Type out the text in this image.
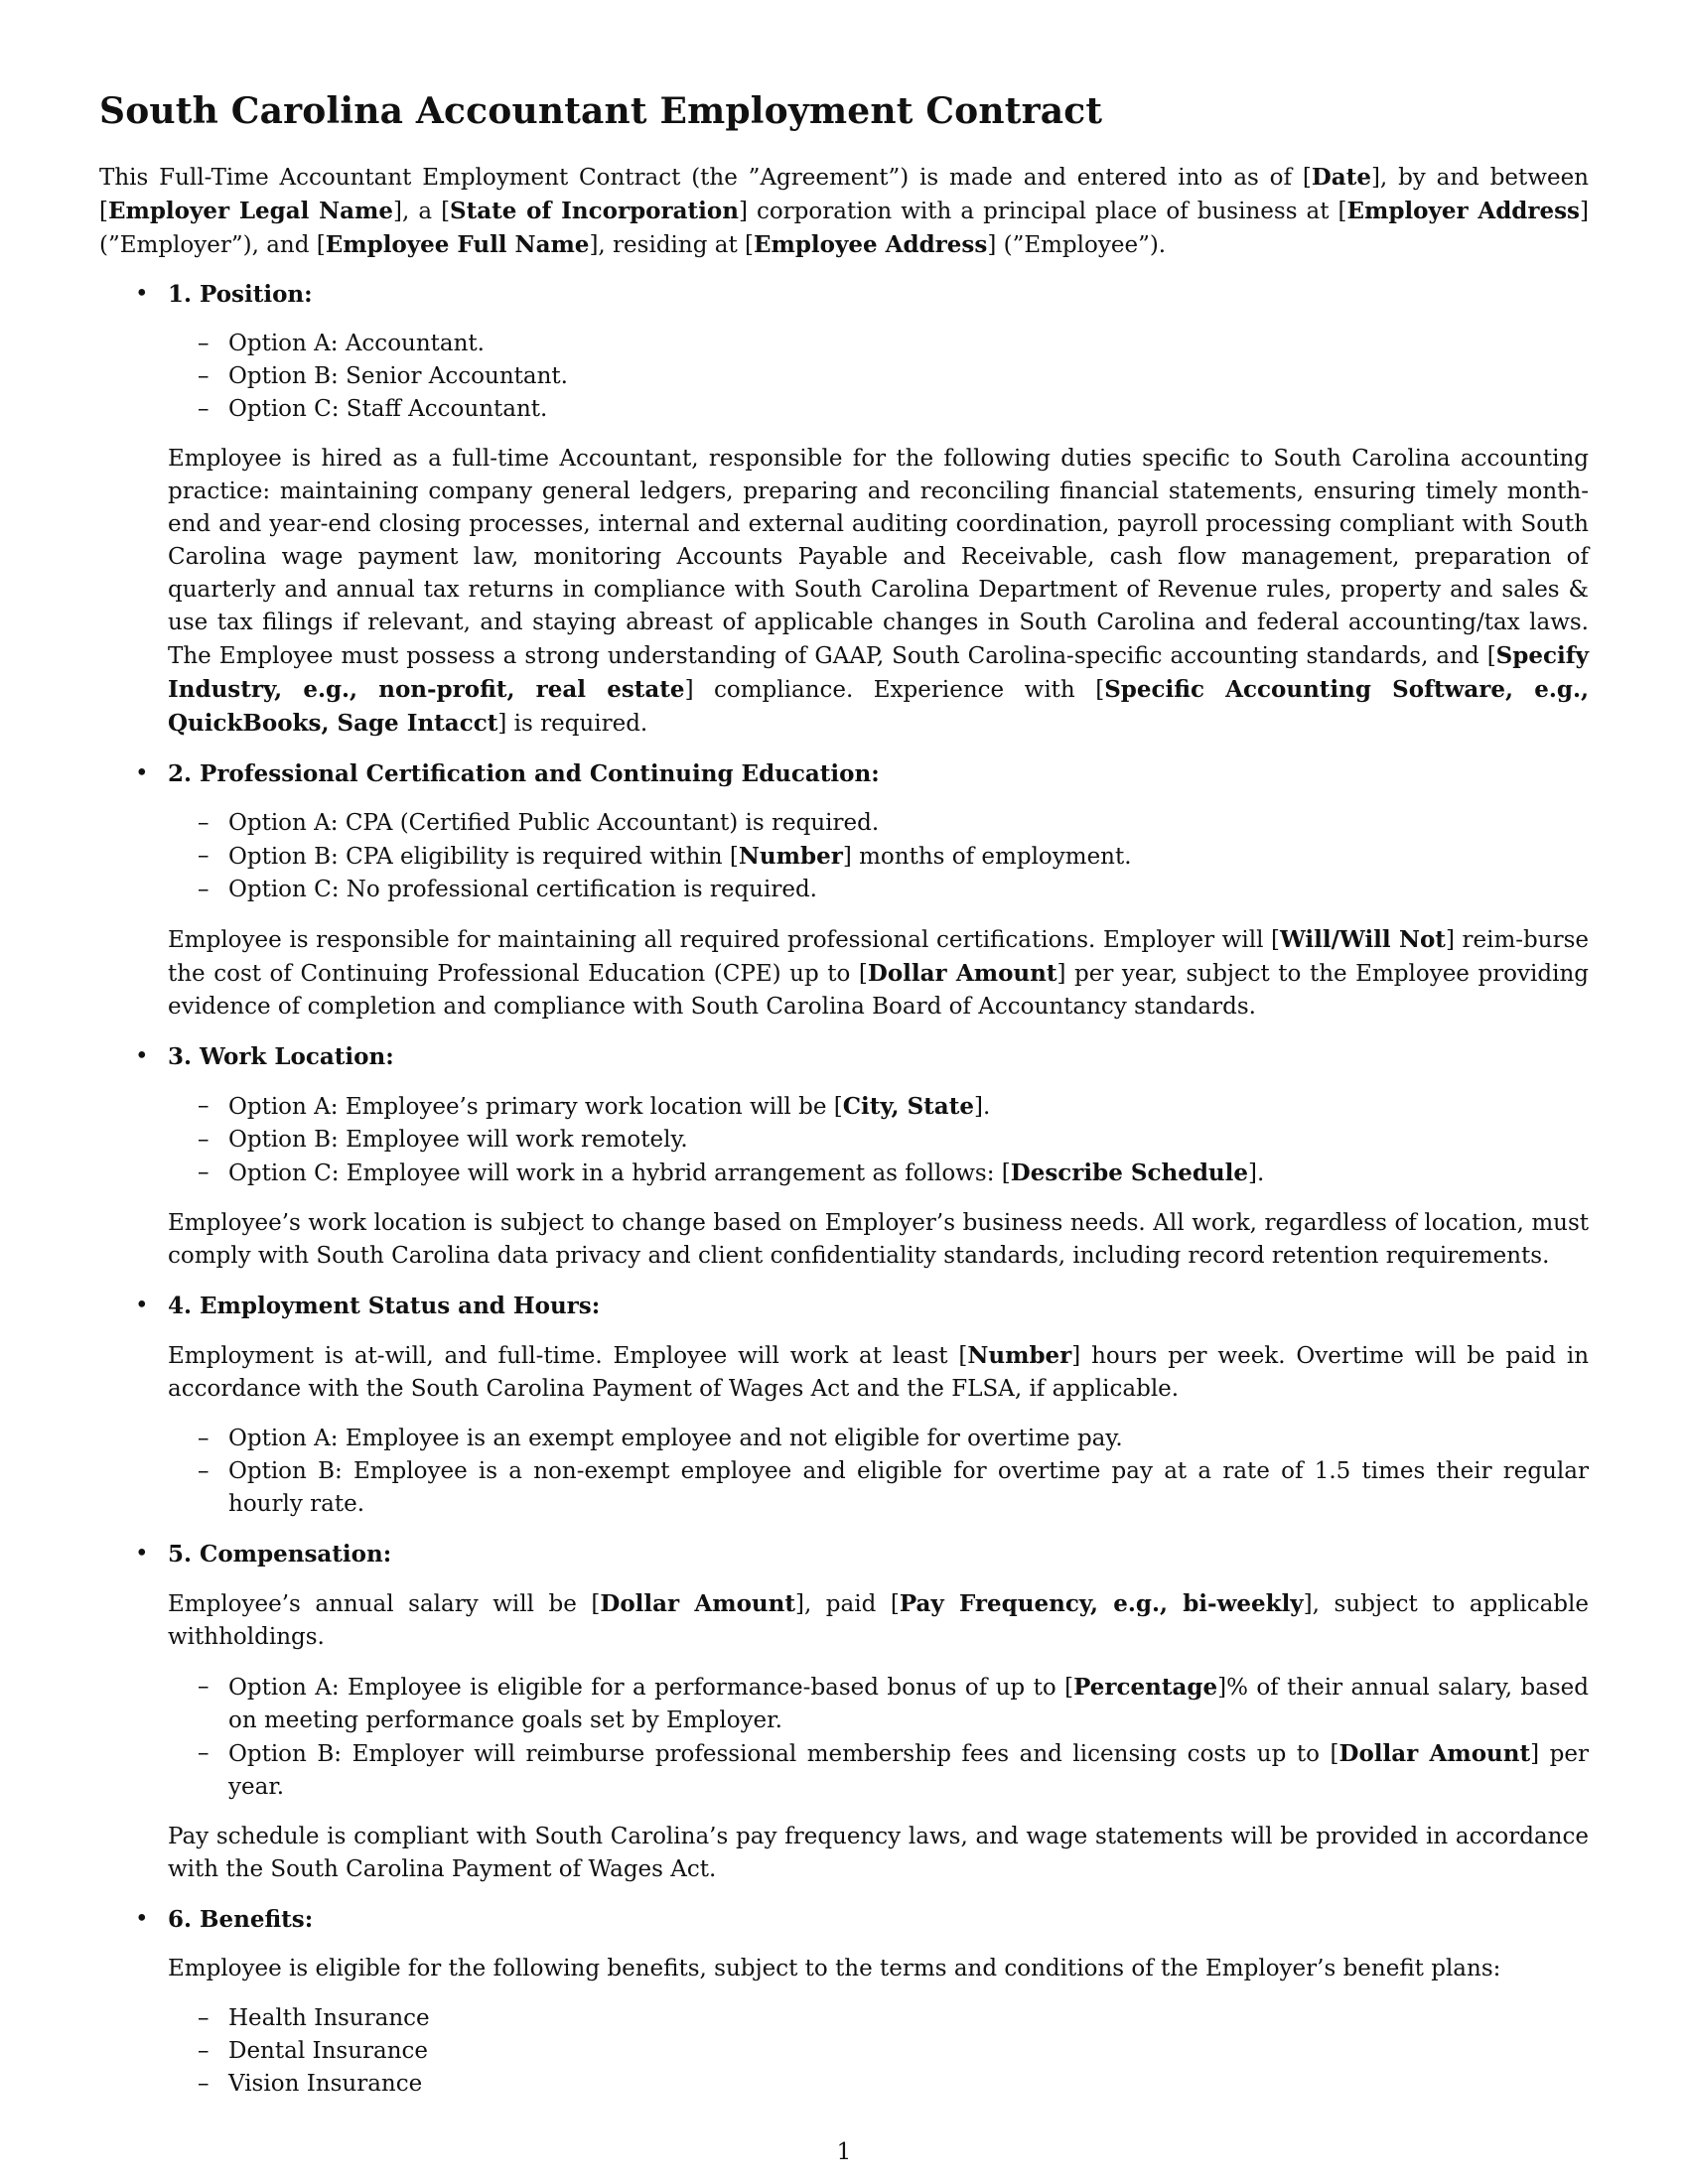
South Carolina Accountant Employment Contract

This Full-Time Accountant Employment Contract (the ”Agreement”) is made and entered into as of [Date], by and between [Employer Legal Name], a [State of Incorporation] corporation with a principal place of business at [Employer Address] (”Employer”), and [Employee Full Name], residing at [Employee Address] (”Employee”).

• 1. Position:
– Option A: Accountant.
– Option B: Senior Accountant.
– Option C: Staff Accountant.

Employee is hired as a full-time Accountant, responsible for the following duties specific to South Carolina accounting practice: maintaining company general ledgers, preparing and reconciling financial statements, ensuring timely month-end and year-end closing processes, internal and external auditing coordination, payroll processing compliant with South Carolina wage payment law, monitoring Accounts Payable and Receivable, cash flow management, preparation of quarterly and annual tax returns in compliance with South Carolina Department of Revenue rules, property and sales & use tax filings if relevant, and staying abreast of applicable changes in South Carolina and federal accounting/tax laws. The Employee must possess a strong understanding of GAAP, South Carolina-specific accounting standards, and [Specify Industry, e.g., non-profit, real estate] compliance. Experience with [Specific Accounting Software, e.g., QuickBooks, Sage Intacct] is required.

• 2. Professional Certification and Continuing Education:
– Option A: CPA (Certified Public Accountant) is required.
– Option B: CPA eligibility is required within [Number] months of employment.
– Option C: No professional certification is required.

Employee is responsible for maintaining all required professional certifications. Employer will [Will/Will Not] reim-burse the cost of Continuing Professional Education (CPE) up to [Dollar Amount] per year, subject to the Employee providing evidence of completion and compliance with South Carolina Board of Accountancy standards.

• 3. Work Location:
– Option A: Employee’s primary work location will be [City, State].
– Option B: Employee will work remotely.
– Option C: Employee will work in a hybrid arrangement as follows: [Describe Schedule].

Employee’s work location is subject to change based on Employer’s business needs. All work, regardless of location, must comply with South Carolina data privacy and client confidentiality standards, including record retention requirements.

• 4. Employment Status and Hours:

Employment is at-will, and full-time. Employee will work at least [Number] hours per week. Overtime will be paid in accordance with the South Carolina Payment of Wages Act and the FLSA, if applicable.

– Option A: Employee is an exempt employee and not eligible for overtime pay.
– Option B: Employee is a non-exempt employee and eligible for overtime pay at a rate of 1.5 times their regular hourly rate.
• 5. Compensation:

Employee’s annual salary will be [Dollar Amount], paid [Pay Frequency, e.g., bi-weekly], subject to applicable withholdings.

– Option A: Employee is eligible for a performance-based bonus of up to [Percentage]% of their annual salary, based on meeting performance goals set by Employer.
– Option B: Employer will reimburse professional membership fees and licensing costs up to [Dollar Amount] per year.

Pay schedule is compliant with South Carolina’s pay frequency laws, and wage statements will be provided in accordance with the South Carolina Payment of Wages Act.

• 6. Benefits:

Employee is eligible for the following benefits, subject to the terms and conditions of the Employer’s benefit plans:

– Health Insurance
– Dental Insurance
– Vision Insurance
1
